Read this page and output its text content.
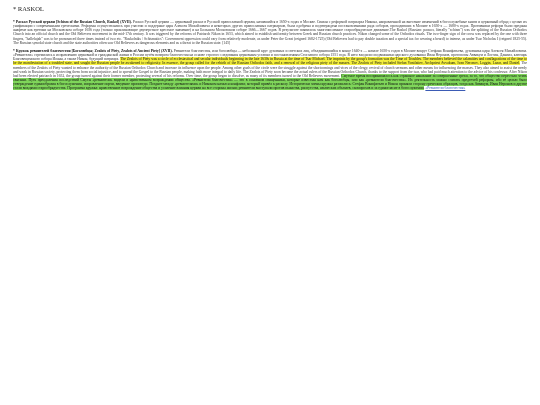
* RASKOL

* Раскол Русской церкви [Schism of the Russian Church, Raskol] (XVII). Раскол Русской церкви — церковный раскол в Русской православной церкви, начавшийся в 1650-х годах в Москве. Связан с реформой патриарха Никона, направленной на внесение изменений в богослужебные книги и церковный обряд с целью их унификации с современными греческими. Реформы осуществлялись при участии и поддержке царя Алексея Михайловича и некоторых других православных патриархов, была одобрена и подтверждена постановлениями ряда соборов, проходивших в Москве в 1650-х — 1680-х годах. Противники реформ были преданы анафеме как еретики на Московском соборе 1656 года (только проклинающие двуперстное крестное знамение) и на Большом Московском соборе 1666—1667 годов. В результате появилось многочисленное старообрядческое движение. The Raskol (Russian: раскол, literally "schism") was the splitting of the Russian Orthodox Church into an official church and the Old Believers movement in the mid-17th century. It was triggered by the reforms of Patriarch Nikon in 1653, which aimed to establish uniformity between Greek and Russian church practices. Nikon changed some of the Orthodox rituals. The two-finger sign of the cross was replaced by the one with three fingers, "hallelujah" was to be pronounced three times instead of two etc. "Raskolniks / Schismatics": Government oppression could vary from relatively moderate, as under Peter the Great (reigned 1682-1725) (Old Believers had to pay double taxation and a special tax for wearing a beard) to intense, as under Tsar Nicholas I (reigned 1825-55). The Russian synodal state church and the state authorities often saw Old Believers as dangerous elements and as a threat to the Russian state. [145]

* Кружок ревнителей благочестия [Боголюбцы; Zealots of Piety, Zealots of Ancient Piety] (XVII). Ревнители благочестия, или боголюбцы — небольшой круг духовных и светских лиц, объединившийся в конце 1640-х — начале 1650-х годов в Москве вокруг Стефана Вонифатьева, духовника царя Алексея Михайловича. «Ревнители» стремились к исправлению церковной и гражданской жизни в России путём возврата благочестия на основе строгого следования церковным уставам и постановлениям Стоглавого собора 1551 года. В него входили сподвижники царского духовника Иван Неронов, протопопы Аввакум и Логгин, Даниил, ключарь Благовещенского собора Иоанн, а также Никон, будущий патриарх. The Zealots of Piety was a circle of ecclesiastical and secular individuals beginning in the late 1630s in Russia at the time of Tsar Michael. The imprints by the group's formation was the Time of Troubles. The members believed the calamities and conflagrations of the time to be the manifestation of a troubled state, and sought the Russian people be awakened to religiosity. In essence, the group called for the rebirth of the Russian Orthodox faith, and a renewal of the religious piety of the masses. The Zealots of Piety included Stefan Vonifatiev, Archpriest Avvakum, Ivan Neronov, Loggin, Lazar, and Daniel. The members of the Zealots of Piety wanted to enhance the authority of the Russian Orthodox Church and increase its influence upon the people. Among other goals of the circle were the struggle against the shortcomings and vices of the clergy, revival of church sermons and other means for influencing the masses. They also aimed to assist the needy and weak in Russian society, protecting them from social injustice, and to spread the Gospel to the Russian people, making faith more integral to daily life. The Zealots of Piety soon became the actual rulers of the Russian Orthodox Church, thanks to the support from the tsar, who had paid much attention to the advice of his confessor. After Nikon had been elected patriarch in 1652, the group turned against their former member, protesting several of his reforms. Over time, the group began to dissolve, as many of its members turned to the Old Believers movement. Смутное время воспринималось как страшное наказание за совершенные грехи, за то, что общество перестало чтить святыни. Путь преодоления последствий Смуты «ревнители» видели в нравственном возрождении общества. «Ревнители благочестия» — это в основном священники, которые известны нам как боголюбцы, или как «ревнители благочестия». Их деятельность можно считать предтечей реформы, ибо её целью было утверждение единообразия в богослужении, исправление порчи, введение проповеди. Позднее между «ревнителями» и Никоном начался конфликт, который привёл к расколу. Исторически члены кружка разошлись: Стефан Вонифатьев и Никон приняли сторону греческих образцов, тогда как Аввакум, Иван Неронов и другие стали вождями старообрядчества. Программа кружка: нравственное возрождение общества и усиление влияния церкви на все стороны жизни; ревнители выступали против пьянства, распутства, языческих обычаев, скоморохов и за единогласие в богослужении. «Ревнители благочестия»
